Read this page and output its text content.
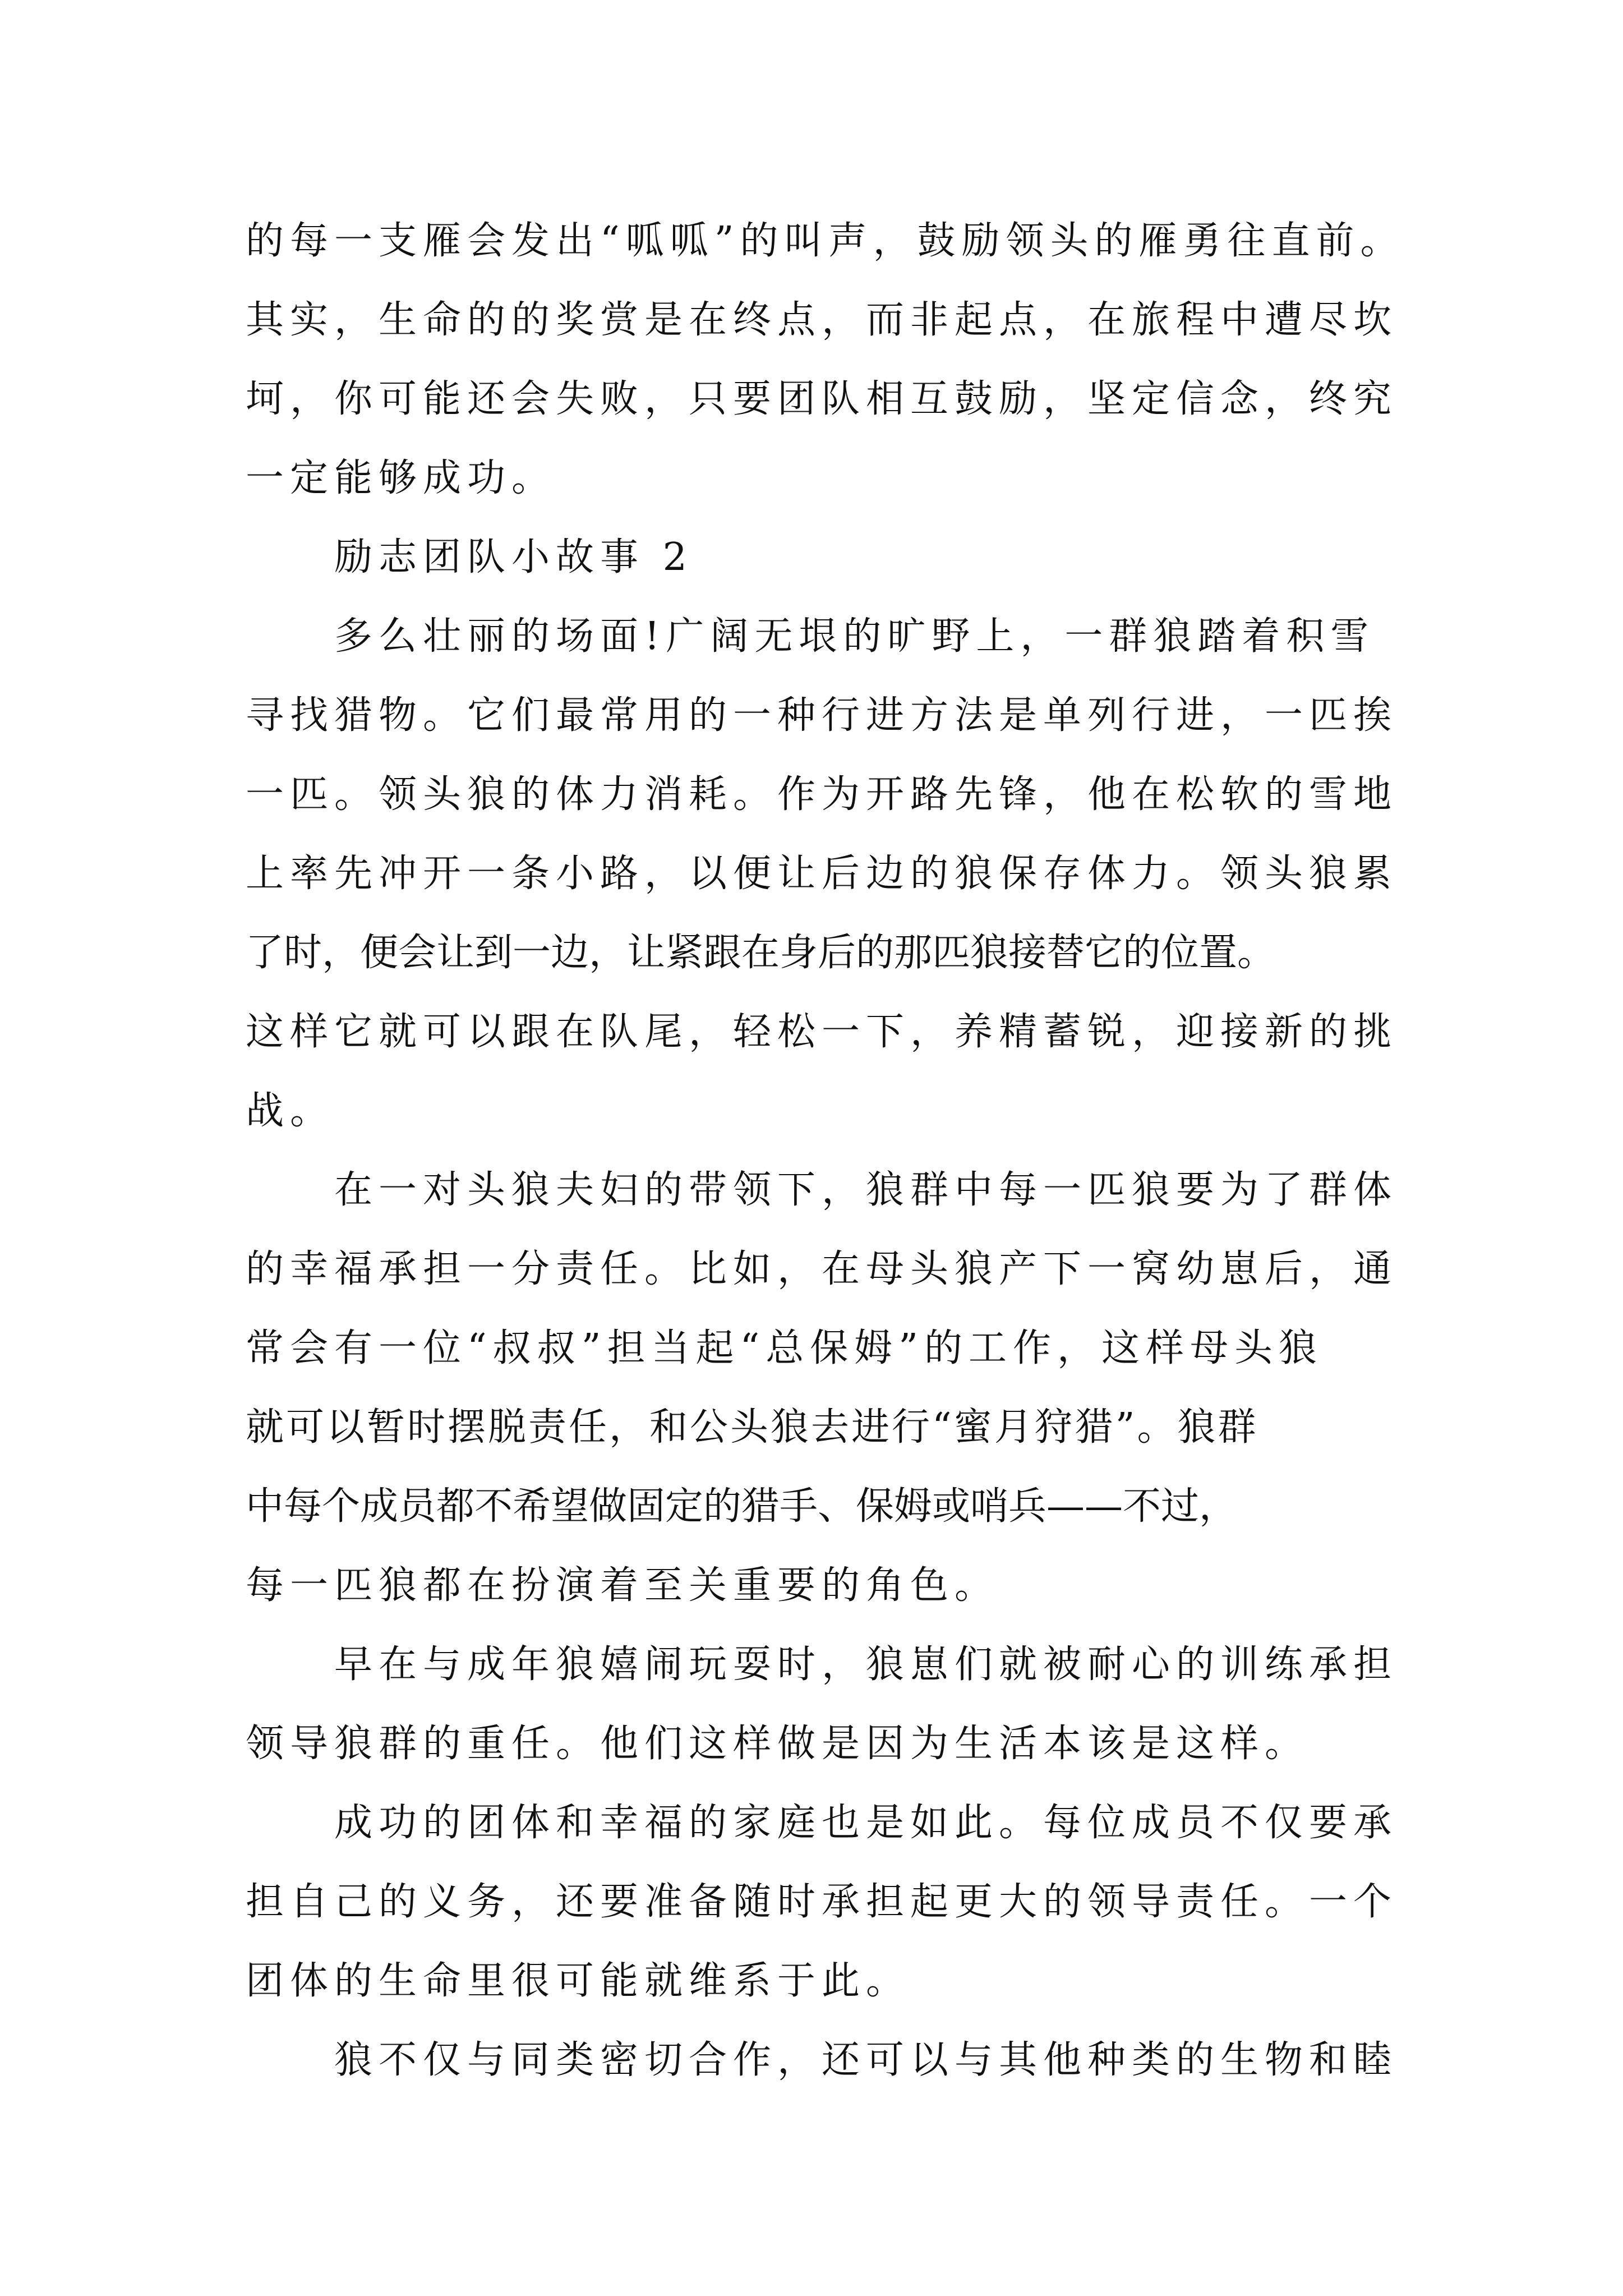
的每一支雁会发出“呱呱”的叫声，鼓励领头的雁勇往直前。

其实，生命的的奖赏是在终点，而非起点，在旅程中遭尽坎

坷，你可能还会失败，只要团队相互鼓励，坚定信念，终究

一定能够成功。

励志团队小故事 2

多么壮丽的场面!广阔无垠的旷野上，一群狼踏着积雪

寻找猎物。它们最常用的一种行进方法是单列行进，一匹挨

一匹。领头狼的体力消耗。作为开路先锋，他在松软的雪地

上率先冲开一条小路，以便让后边的狼保存体力。领头狼累

了时，便会让到一边，让紧跟在身后的那匹狼接替它的位置。

这样它就可以跟在队尾，轻松一下，养精蓄锐，迎接新的挑

战。

在一对头狼夫妇的带领下，狼群中每一匹狼要为了群体

的幸福承担一分责任。比如，在母头狼产下一窝幼崽后，通

常会有一位“叔叔”担当起“总保姆”的工作，这样母头狼

就可以暂时摆脱责任，和公头狼去进行“蜜月狩猎”。狼群

中每个成员都不希望做固定的猎手、保姆或哨兵——不过，

每一匹狼都在扮演着至关重要的角色。

早在与成年狼嬉闹玩耍时，狼崽们就被耐心的训练承担

领导狼群的重任。他们这样做是因为生活本该是这样。

成功的团体和幸福的家庭也是如此。每位成员不仅要承

担自己的义务，还要准备随时承担起更大的领导责任。一个

团体的生命里很可能就维系于此。

狼不仅与同类密切合作，还可以与其他种类的生物和睦
